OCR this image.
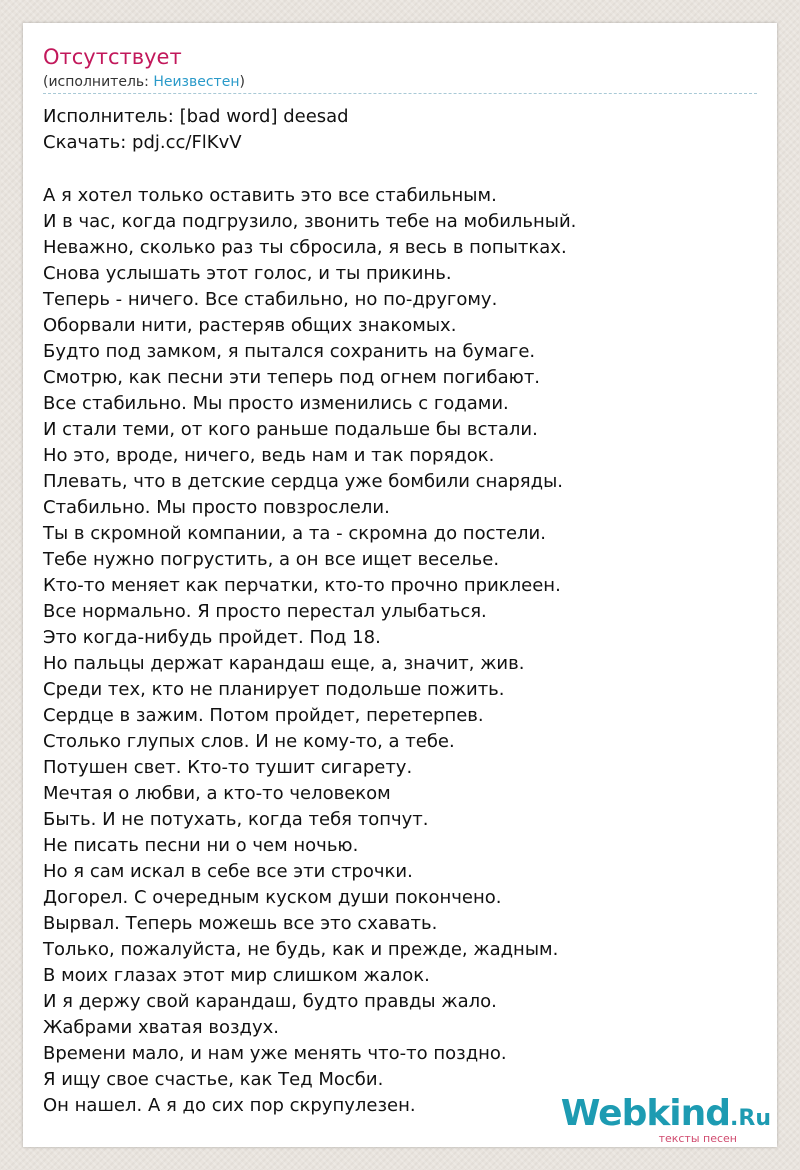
Отсутствует
(исполнитель: Неизвестен)
Исполнитель: [bad word] deesad
Скачать: pdj.cc/FlKvV
А я хотел только оставить это все стабильным.
И в час, когда подгрузило, звонить тебе на мобильный.
Неважно, сколько раз ты сбросила, я весь в попытках.
Снова услышать этот голос, и ты прикинь.
Теперь - ничего. Все стабильно, но по-другому.
Оборвали нити, растеряв общих знакомых.
Будто под замком, я пытался сохранить на бумаге.
Смотрю, как песни эти теперь под огнем погибают.
Все стабильно. Мы просто изменились с годами.
И стали теми, от кого раньше подальше бы встали.
Но это, вроде, ничего, ведь нам и так порядок.
Плевать, что в детские сердца уже бомбили снаряды.
Стабильно. Мы просто повзрослели.
Ты в скромной компании, а та - скромна до постели.
Тебе нужно погрустить, а он все ищет веселье.
Кто-то меняет как перчатки, кто-то прочно приклеен.
Все нормально. Я просто перестал улыбаться.
Это когда-нибудь пройдет. Под 18.
Но пальцы держат карандаш еще, а, значит, жив.
Среди тех, кто не планирует подольше пожить.
Сердце в зажим. Потом пройдет, перетерпев.
Столько глупых слов. И не кому-то, а тебе.
Потушен свет. Кто-то тушит сигарету.
Мечтая о любви, а кто-то человеком
Быть. И не потухать, когда тебя топчут.
Не писать песни ни о чем ночью.
Но я сам искал в себе все эти строчки.
Догорел. С очередным куском души покончено.
Вырвал. Теперь можешь все это схавать.
Только, пожалуйста, не будь, как и прежде, жадным.
В моих глазах этот мир слишком жалок.
И я держу свой карандаш, будто правды жало.
Жабрами хватая воздух.
Времени мало, и нам уже менять что-то поздно.
Я ищу свое счастье, как Тед Мосби.
Он нашел. А я до сих пор скрупулезен.	Webkind.Ru
тексты песен
